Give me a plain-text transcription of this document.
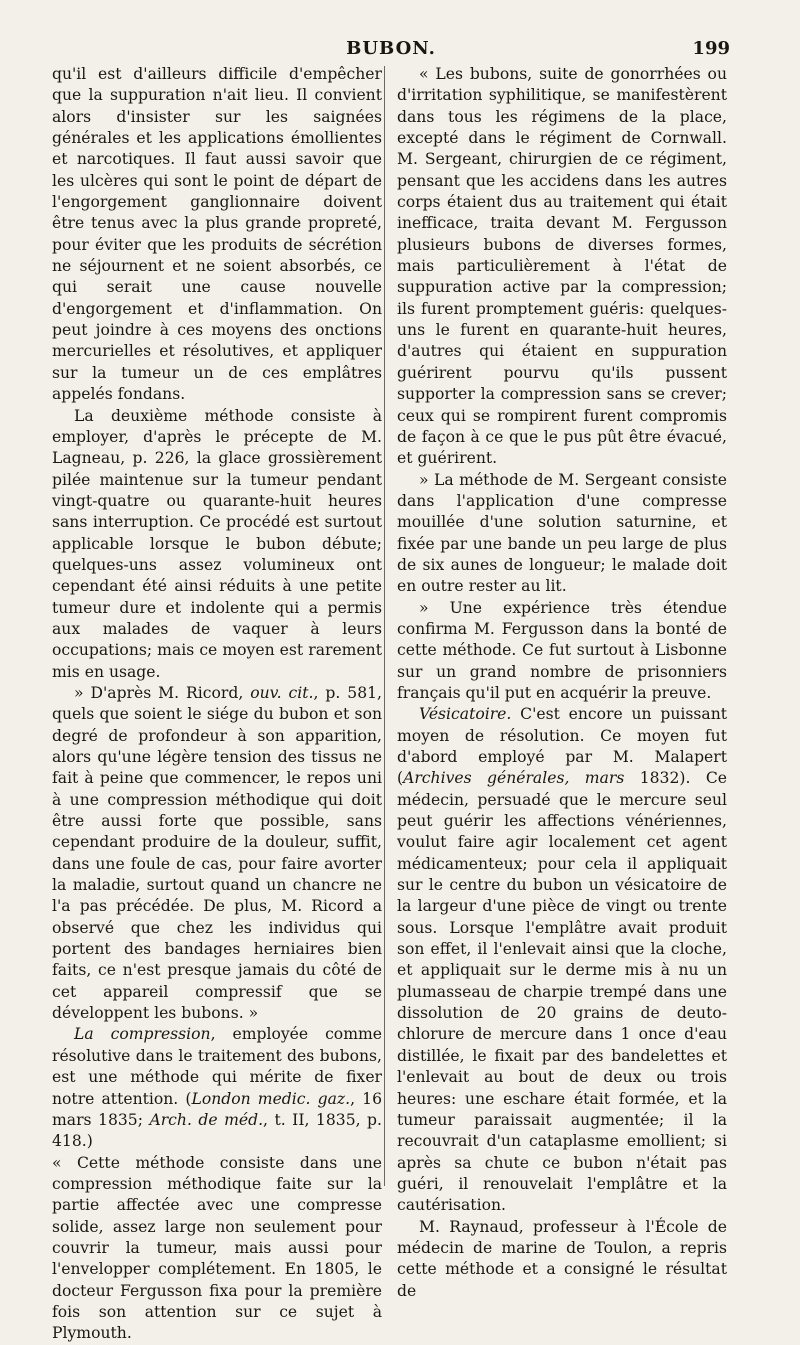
BUBON.	199

qu'il est d'ailleurs difficile d'empêcher que la suppuration n'ait lieu. Il convient alors d'insister sur les saignées générales et les applications émollientes et narcotiques. Il faut aussi savoir que les ulcères qui sont le point de départ de l'engorgement ganglionnaire doivent être tenus avec la plus grande propreté, pour éviter que les produits de sécrétion ne séjournent et ne soient absorbés, ce qui serait une cause nouvelle d'engorgement et d'inflammation. On peut joindre à ces moyens des onctions mercurielles et résolutives, et appliquer sur la tumeur un de ces emplâtres appelés fondans.

La deuxième méthode consiste à employer, d'après le précepte de M. Lagneau, p. 226, la glace grossièrement pilée maintenue sur la tumeur pendant vingt-quatre ou quarante-huit heures sans interruption. Ce procédé est surtout applicable lorsque le bubon débute; quelques-uns assez volumineux ont cependant été ainsi réduits à une petite tumeur dure et indolente qui a permis aux malades de vaquer à leurs occupations; mais ce moyen est rarement mis en usage.

» D'après M. Ricord, ouv. cit., p. 581, quels que soient le siége du bubon et son degré de profondeur à son apparition, alors qu'une légère tension des tissus ne fait à peine que commencer, le repos uni à une compression méthodique qui doit être aussi forte que possible, sans cependant produire de la douleur, suffit, dans une foule de cas, pour faire avorter la maladie, surtout quand un chancre ne l'a pas précédée. De plus, M. Ricord a observé que chez les individus qui portent des bandages herniaires bien faits, ce n'est presque jamais du côté de cet appareil compressif que se développent les bubons. »

La compression, employée comme résolutive dans le traitement des bubons, est une méthode qui mérite de fixer notre attention. (London medic. gaz., 16 mars 1835; Arch. de méd., t. II, 1835, p. 418.)

« Cette méthode consiste dans une compression méthodique faite sur la partie affectée avec une compresse solide, assez large non seulement pour couvrir la tumeur, mais aussi pour l'envelopper complétement. En 1805, le docteur Fergusson fixa pour la première fois son attention sur ce sujet à Plymouth.

« Les bubons, suite de gonorrhées ou d'irritation syphilitique, se manifestèrent dans tous les régimens de la place, excepté dans le régiment de Cornwall. M. Sergeant, chirurgien de ce régiment, pensant que les accidens dans les autres corps étaient dus au traitement qui était inefficace, traita devant M. Fergusson plusieurs bubons de diverses formes, mais particulièrement à l'état de suppuration active par la compression; ils furent promptement guéris: quelques-uns le furent en quarante-huit heures, d'autres qui étaient en suppuration guérirent pourvu qu'ils pussent supporter la compression sans se crever; ceux qui se rompirent furent compromis de façon à ce que le pus pût être évacué, et guérirent.

» La méthode de M. Sergeant consiste dans l'application d'une compresse mouillée d'une solution saturnine, et fixée par une bande un peu large de plus de six aunes de longueur; le malade doit en outre rester au lit.

» Une expérience très étendue confirma M. Fergusson dans la bonté de cette méthode. Ce fut surtout à Lisbonne sur un grand nombre de prisonniers français qu'il put en acquérir la preuve.

Vésicatoire. C'est encore un puissant moyen de résolution. Ce moyen fut d'abord employé par M. Malapert (Archives générales, mars 1832). Ce médecin, persuadé que le mercure seul peut guérir les affections vénériennes, voulut faire agir localement cet agent médicamenteux; pour cela il appliquait sur le centre du bubon un vésicatoire de la largeur d'une pièce de vingt ou trente sous. Lorsque l'emplâtre avait produit son effet, il l'enlevait ainsi que la cloche, et appliquait sur le derme mis à nu un plumasseau de charpie trempé dans une dissolution de 20 grains de deuto-chlorure de mercure dans 1 once d'eau distillée, le fixait par des bandelettes et l'enlevait au bout de deux ou trois heures: une eschare était formée, et la tumeur paraissait augmentée; il la recouvrait d'un cataplasme emollient; si après sa chute ce bubon n'était pas guéri, il renouvelait l'emplâtre et la cautérisation.

M. Raynaud, professeur à l'École de médecin de marine de Toulon, a repris cette méthode et a consigné le résultat de
